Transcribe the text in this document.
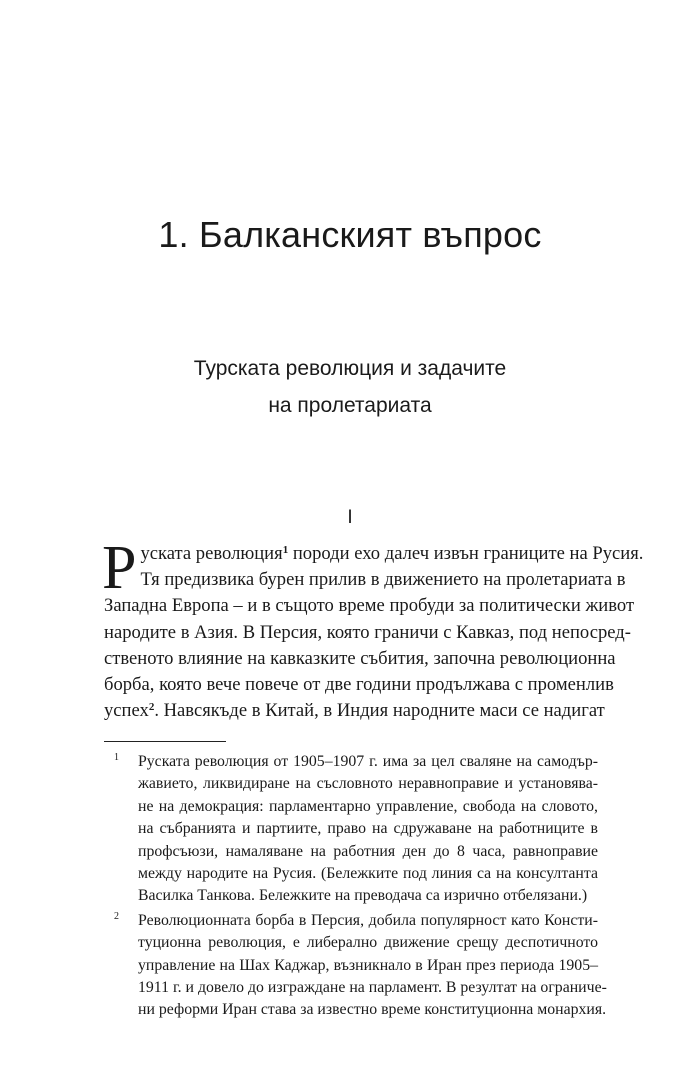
1. Балканският въпрос
Турската революция и задачите
на пролетариата
I
Р уската революция$^1$ породи ехо далеч извън границите на Русия.
Тя предизвика бурен прилив в движението на пролетариата в
Западна Европа – и в същото време пробуди за политически живот
народите в Азия. В Персия, която граничи с Кавказ, под непосред-
ственото влияние на кавказките събития, започна революционна
борба, която вече повече от две години продължава с променлив
успех$^2$. Навсякъде в Китай, в Индия народните маси се надигат
1 Руската революция от 1905–1907 г. има за цел сваляне на самодър-
жавието, ликвидиране на съсловното неравноправие и установява-
не на демокрация: парламентарно управление, свобода на словото,
на събранията и партиите, право на сдружаване на работниците в
профсъюзи, намаляване на работния ден до 8 часа, равноправие
между народите на Русия. (Бележките под линия са на консултанта
Василка Танкова. Бележките на преводача са изрично отбелязани.)
2 Революционната борба в Персия, добила популярност като Консти-
туционна революция, е либерално движение срещу деспотичното
управление на Шах Каджар, възникнало в Иран през периода 1905–
1911 г. и довело до изграждане на парламент. В резултат на ограниче-
ни реформи Иран става за известно време конституционна монархия.
